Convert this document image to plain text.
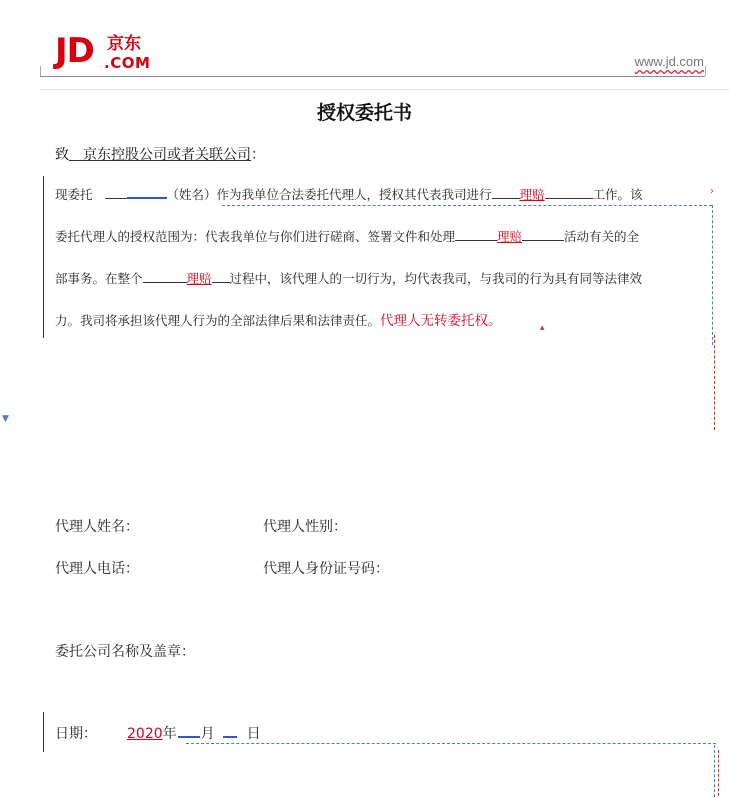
JD 京东
.COM	www.jd.com
授权委托书
致  京东控股公司或者关联公司：
现委托	（姓名）作为我单位合法委托代理人，授权其代表我司进行 理赔	工作。该
委托代理人的授权范围为：代表我单位与你们进行磋商、签署文件和处理	理赔	活动有关的全
部事务。在整个	理赔 过程中，该代理人的一切行为，均代表我司，与我司的行为具有同等法律效
力。我司将承担该代理人行为的全部法律后果和法律责任。代理人无转委托权。
›
▴
▼
代理人姓名：	代理人性别：
代理人电话：	代理人身份证号码：
委托公司名称及盖章：
日期： 2020年 月 日
